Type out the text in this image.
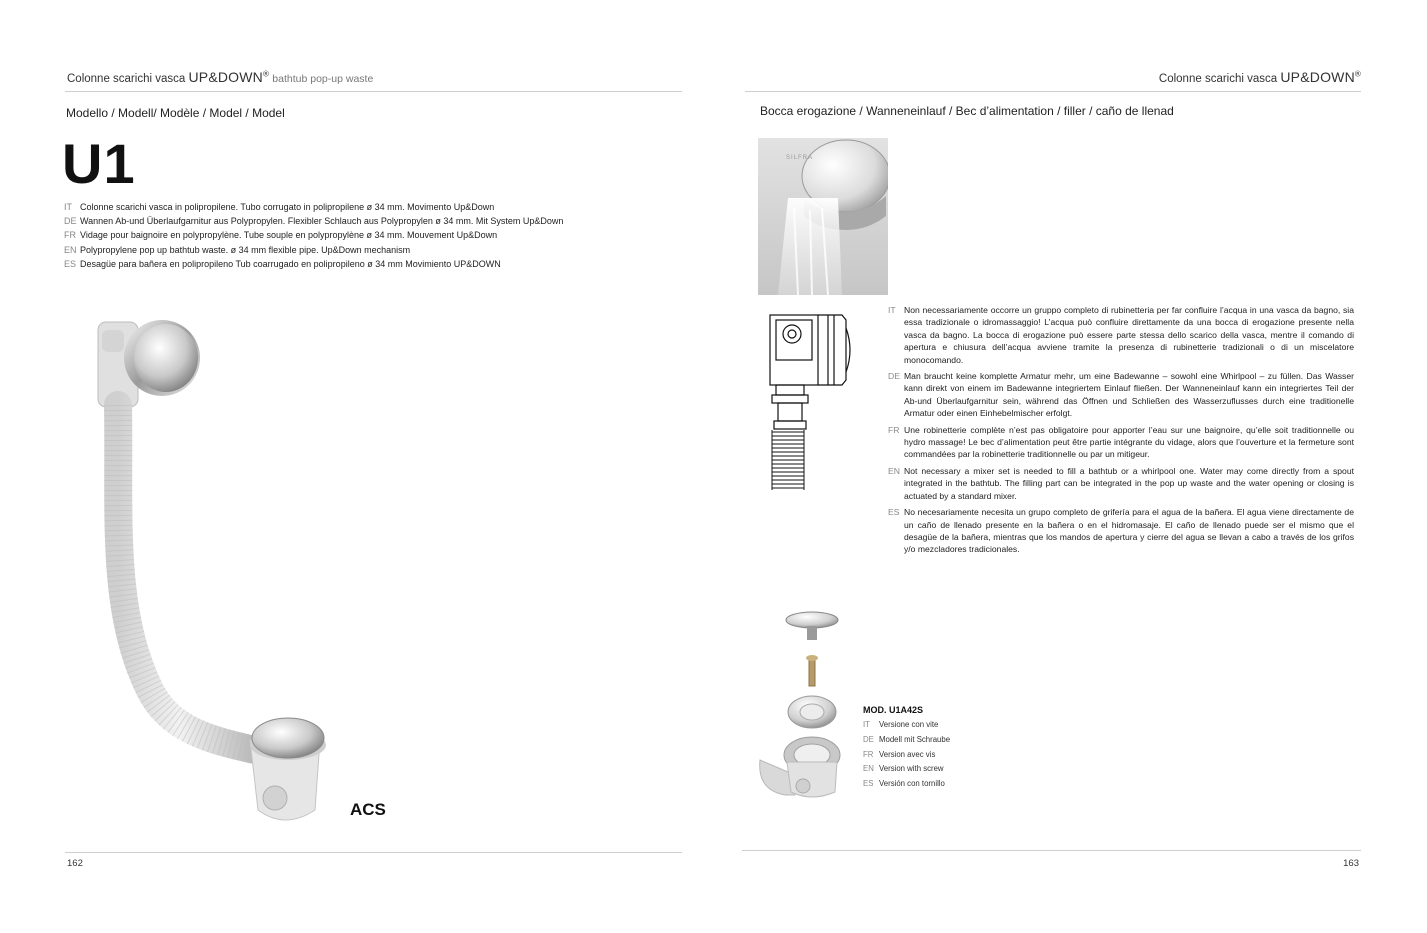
Colonne scarichi vasca UP&DOWN® bathtub pop-up waste
Modello / Modell/ Modèle / Model / Model
U1
IT Colonne scarichi vasca in polipropilene. Tubo corrugato in polipropilene ø 34 mm. Movimento Up&Down
DE Wannen Ab-und Überlaufgarnitur aus Polypropylen. Flexibler Schlauch aus Polypropylen ø 34 mm. Mit System Up&Down
FR Vidage pour baignoire en polypropylène. Tube souple en polypropylène ø 34 mm. Mouvement Up&Down
EN Polypropylene pop up bathtub waste. ø 34 mm flexible pipe. Up&Down mechanism
ES Desagüe para bañera en polipropileno Tub coarrugado en polipropileno ø 34 mm Movimiento UP&DOWN
ACS
162
Colonne scarichi vasca UP&DOWN®
Bocca erogazione / Wanneneinlauf / Bec d’alimentation / filler / caño de llenad
SILFRA
IT Non necessariamente occorre un gruppo completo di rubinetteria per far confluire l’acqua in una vasca da bagno, sia essa tradizionale o idromassaggio! L’acqua può confluire direttamente da una bocca di erogazione presente nella vasca da bagno. La bocca di erogazione può essere parte stessa dello scarico della vasca, mentre il comando di apertura e chiusura dell’acqua avviene tramite la presenza di rubinetterie tradizionali o di un miscelatore monocomando.
DE Man braucht keine komplette Armatur mehr, um eine Badewanne – sowohl eine Whirlpool – zu füllen. Das Wasser kann direkt von einem im Badewanne integriertem Einlauf fließen. Der Wanneneinlauf kann ein integriertes Teil der Ab-und Überlaufgarnitur sein, während das Öffnen und Schließen des Wasserzuflusses durch eine traditionelle Armatur oder einen Einhebelmischer erfolgt.
FR Une robinetterie complète n’est pas obligatoire pour apporter l’eau sur une baignoire, qu’elle soit traditionnelle ou hydro massage! Le bec d’alimentation peut être partie intégrante du vidage, alors que l’ouverture et la fermeture sont commandées par la robinetterie traditionnelle ou par un mitigeur.
EN Not necessary a mixer set is needed to fill a bathtub or a whirlpool one. Water may come directly from a spout integrated in the bathtub. The filling part can be integrated in the pop up waste and the water opening or closing is actuated by a standard mixer.
ES No necesariamente necesita un grupo completo de grifería para el agua de la bañera. El agua viene directamente de un caño de llenado presente en la bañera o en el hidromasaje. El caño de llenado puede ser el mismo que el desagüe de la bañera, mientras que los mandos de apertura y cierre del agua se llevan a cabo a través de los grifos y/o mezcladores tradicionales.
MOD. U1A42S
IT Versione con vite
DE Modell mit Schraube
FR Version avec vis
EN Version with screw
ES Versión con tornillo
163
